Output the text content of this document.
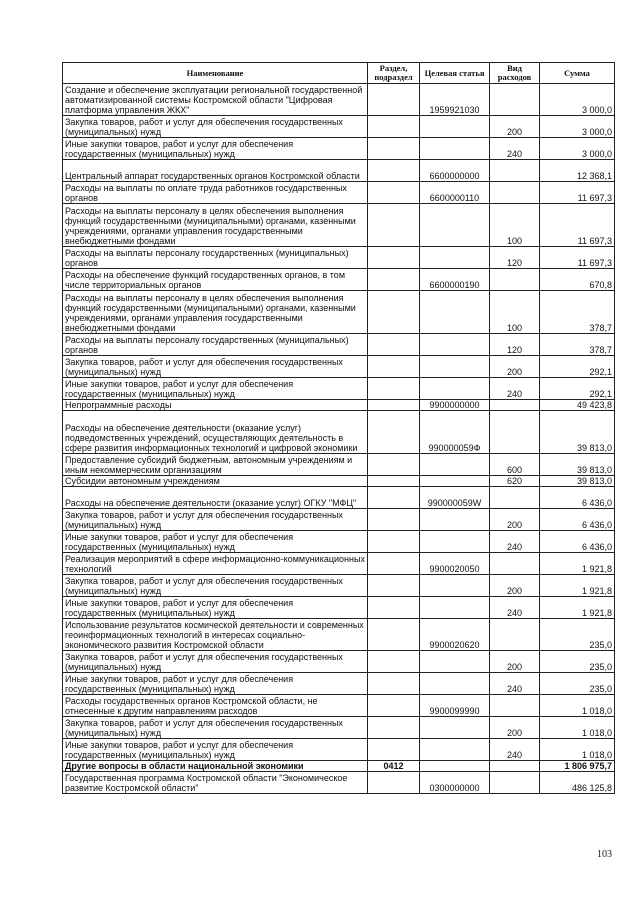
Наименование	Раздел, подраздел	Целевая статья	Вид расходов	Сумма
Создание и обеспечение эксплуатации региональной государственной автоматизированной системы Костромской области "Цифровая платформа управления ЖКХ"		1959921030		3 000,0
Закупка товаров, работ и услуг для обеспечения государственных (муниципальных) нужд			200	3 000,0
Иные закупки товаров, работ и услуг для обеспечения государственных (муниципальных) нужд			240	3 000,0
Центральный аппарат государственных органов Костромской области		6600000000		12 368,1
Расходы на выплаты по оплате труда работников государственных органов		6600000110		11 697,3
Расходы на выплаты персоналу в целях обеспечения выполнения функций государственными (муниципальными) органами, казенными учреждениями, органами управления государственными внебюджетными фондами			100	11 697,3
Расходы на выплаты персоналу государственных (муниципальных) органов			120	11 697,3
Расходы на обеспечение функций государственных органов, в том числе территориальных органов		6600000190		670,8
Расходы на выплаты персоналу в целях обеспечения выполнения функций государственными (муниципальными) органами, казенными учреждениями, органами управления государственными внебюджетными фондами			100	378,7
Расходы на выплаты персоналу государственных (муниципальных) органов			120	378,7
Закупка товаров, работ и услуг для обеспечения государственных (муниципальных) нужд			200	292,1
Иные закупки товаров, работ и услуг для обеспечения государственных (муниципальных) нужд			240	292,1
Непрограммные расходы		9900000000		49 423,8
Расходы на обеспечение деятельности (оказание услуг) подведомственных учреждений, осуществляющих деятельность в сфере развития информационных технологий и цифровой экономики		990000059Ф		39 813,0
Предоставление субсидий бюджетным, автономным учреждениям и иным некоммерческим организациям			600	39 813,0
Субсидии автономным учреждениям			620	39 813,0
Расходы на обеспечение деятельности (оказание услуг) ОГКУ "МФЦ"		990000059W		6 436,0
Закупка товаров, работ и услуг для обеспечения государственных (муниципальных) нужд			200	6 436,0
Иные закупки товаров, работ и услуг для обеспечения государственных (муниципальных) нужд			240	6 436,0
Реализация мероприятий в сфере информационно-коммуникационных технологий		9900020050		1 921,8
Закупка товаров, работ и услуг для обеспечения государственных (муниципальных) нужд			200	1 921,8
Иные закупки товаров, работ и услуг для обеспечения государственных (муниципальных) нужд			240	1 921,8
Использование результатов космической деятельности и современных геоинформационных технологий в интересах социально-экономического развития Костромской области		9900020620		235,0
Закупка товаров, работ и услуг для обеспечения государственных (муниципальных) нужд			200	235,0
Иные закупки товаров, работ и услуг для обеспечения государственных (муниципальных) нужд			240	235,0
Расходы государственных органов Костромской области, не отнесенные к другим направлениям расходов		9900099990		1 018,0
Закупка товаров, работ и услуг для обеспечения государственных (муниципальных) нужд			200	1 018,0
Иные закупки товаров, работ и услуг для обеспечения государственных (муниципальных) нужд			240	1 018,0
Другие вопросы в области национальной экономики	0412			1 806 975,7
Государственная программа Костромской области "Экономическое развитие Костромской области"		0300000000		486 125,8
103
